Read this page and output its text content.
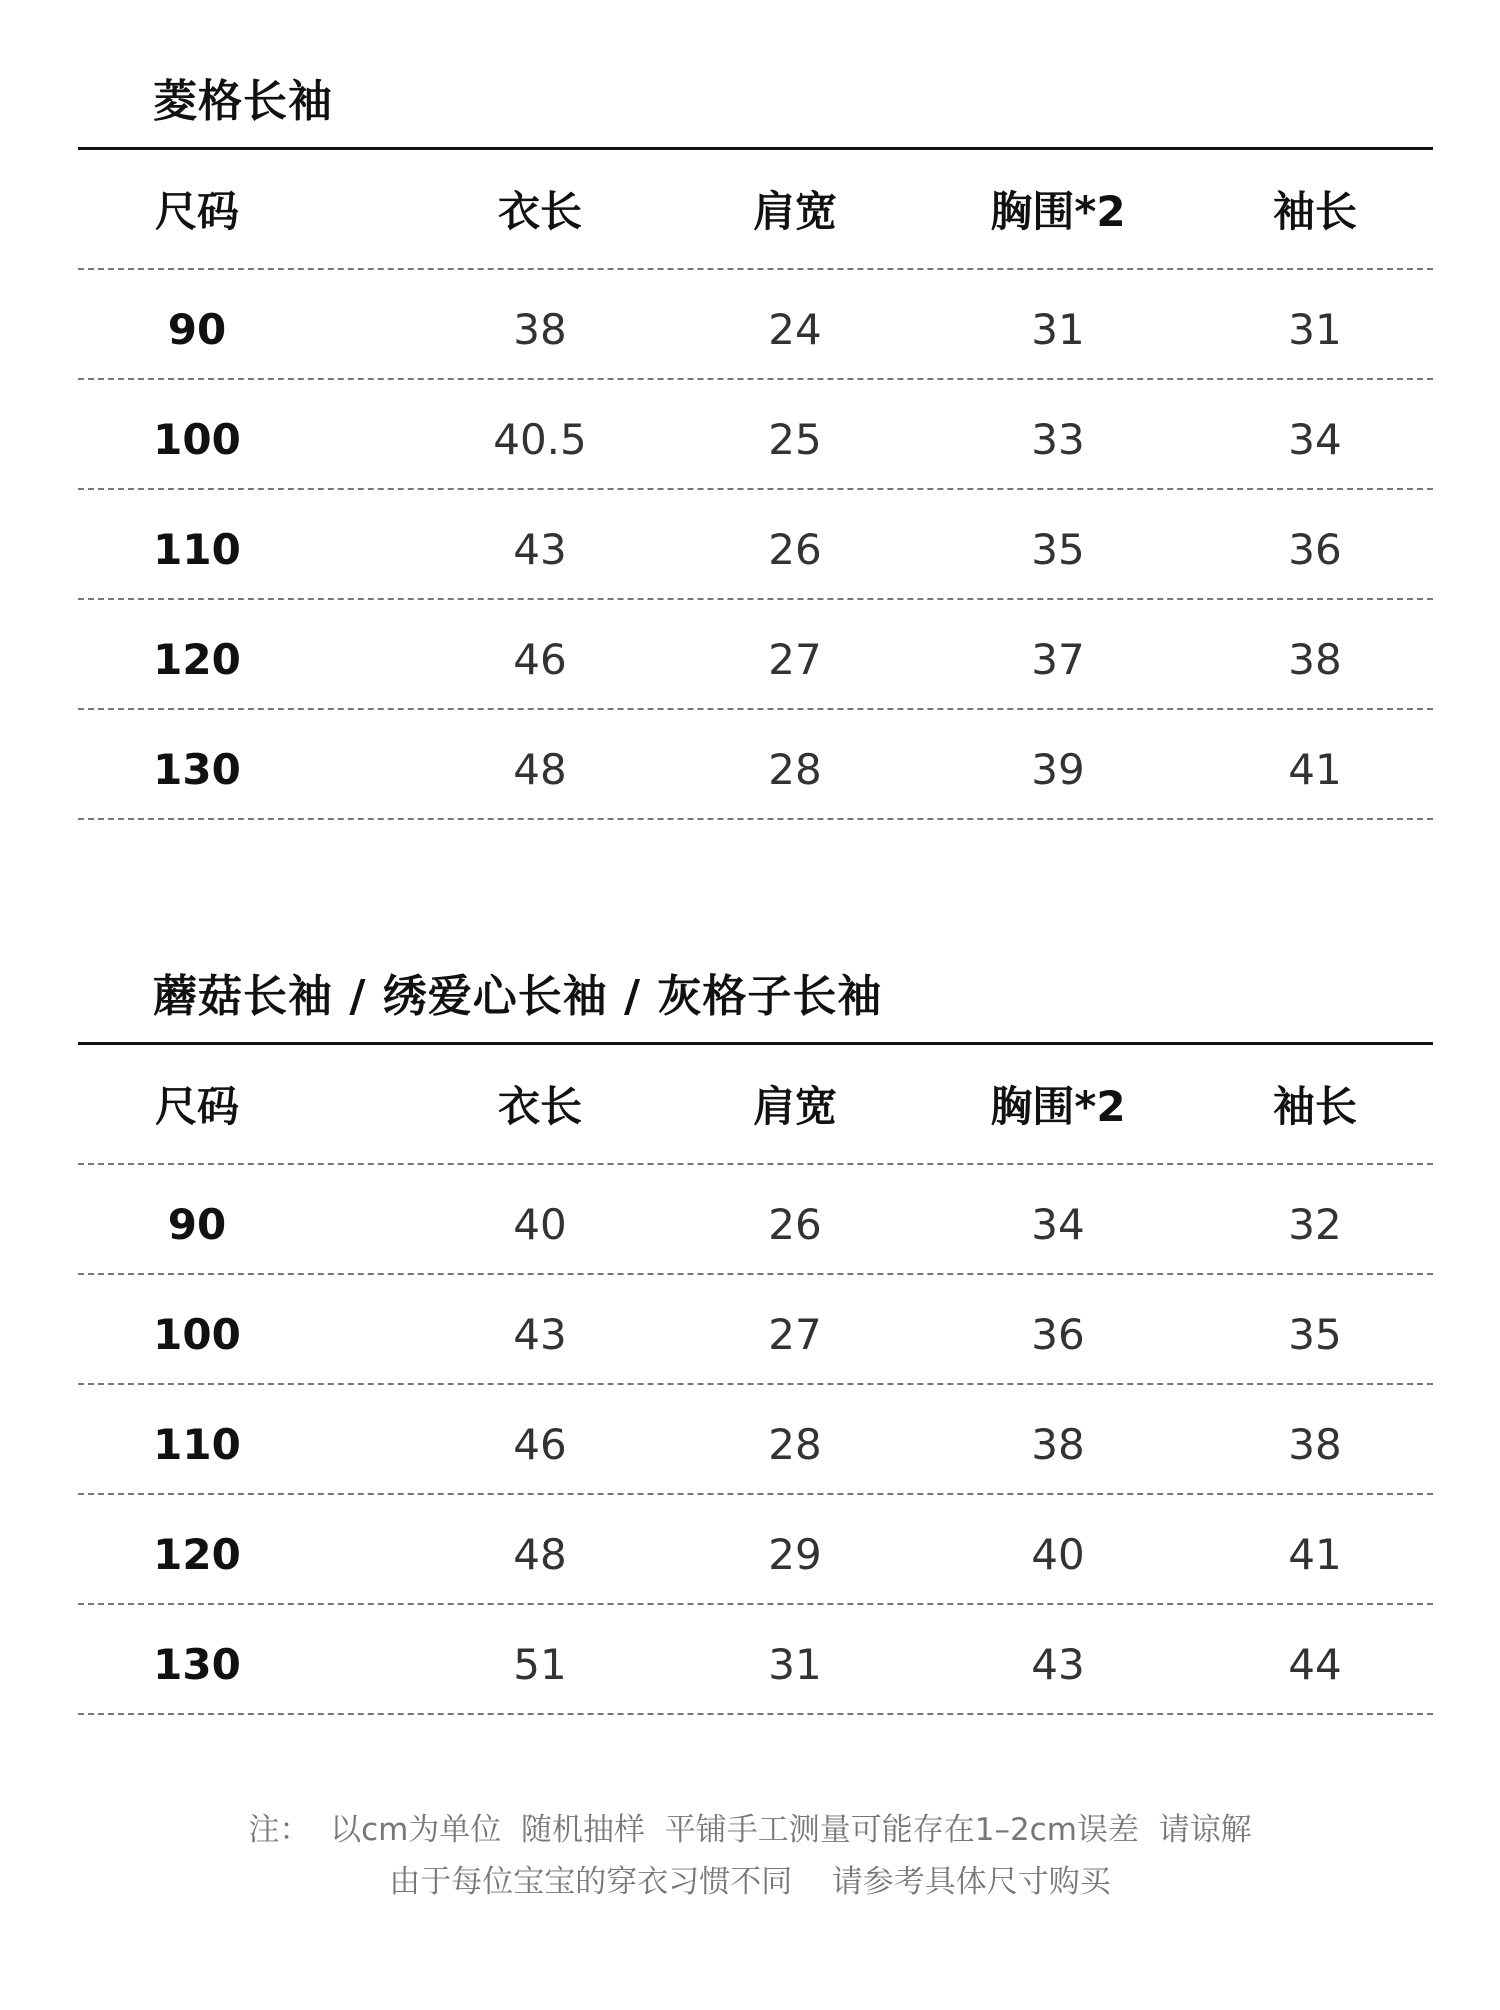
菱格长袖
尺码	衣长	肩宽	胸围*2	袖长
90	38	24	31	31
100	40.5	25	33	34
110	43	26	35	36
120	46	27	37	38
130	48	28	39	41
蘑菇长袖 / 绣爱心长袖 / 灰格子长袖
尺码	衣长	肩宽	胸围*2	袖长
90	40	26	34	32
100	43	27	36	35
110	46	28	38	38
120	48	29	40	41
130	51	31	43	44
注：  以cm为单位  随机抽样  平铺手工测量可能存在1–2cm误差  请谅解
由于每位宝宝的穿衣习惯不同    请参考具体尺寸购买
